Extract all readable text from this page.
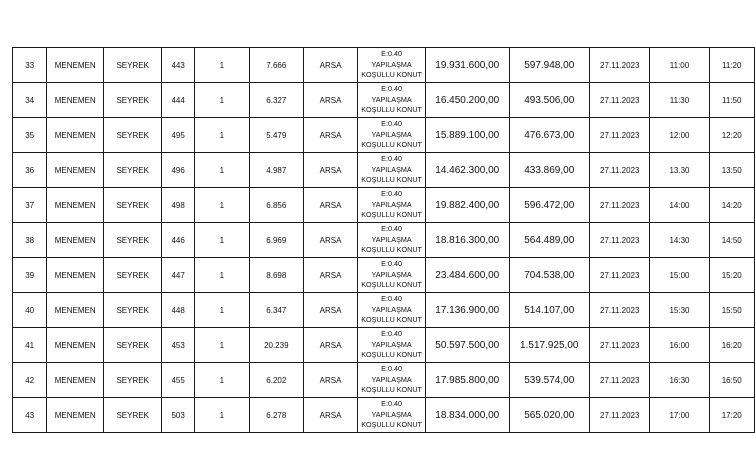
33	MENEMEN	SEYREK	443	1	7.666	ARSA	E:0.40
YAPILAŞMA
KOŞULLU KONUT	19.931.600,00	597.948,00	27.11.2023	11:00	11:20
34	MENEMEN	SEYREK	444	1	6.327	ARSA	E:0.40
YAPILAŞMA
KOŞULLU KONUT	16.450.200,00	493.506,00	27.11.2023	11:30	11:50
35	MENEMEN	SEYREK	495	1	5.479	ARSA	E:0.40
YAPILAŞMA
KOŞULLU KONUT	15.889.100,00	476.673,00	27.11.2023	12:00	12:20
36	MENEMEN	SEYREK	496	1	4.987	ARSA	E:0.40
YAPILAŞMA
KOŞULLU KONUT	14.462.300,00	433.869,00	27.11.2023	13.30	13:50
37	MENEMEN	SEYREK	498	1	6.856	ARSA	E:0.40
YAPILAŞMA
KOŞULLU KONUT	19.882.400,00	596.472,00	27.11.2023	14:00	14:20
38	MENEMEN	SEYREK	446	1	6.969	ARSA	E:0.40
YAPILAŞMA
KOŞULLU KONUT	18.816.300,00	564.489,00	27.11.2023	14:30	14:50
39	MENEMEN	SEYREK	447	1	8.698	ARSA	E:0.40
YAPILAŞMA
KOŞULLU KONUT	23.484.600,00	704.538,00	27.11.2023	15:00	15:20
40	MENEMEN	SEYREK	448	1	6.347	ARSA	E:0.40
YAPILAŞMA
KOŞULLU KONUT	17.136.900,00	514.107,00	27.11.2023	15:30	15:50
41	MENEMEN	SEYREK	453	1	20.239	ARSA	E:0.40
YAPILAŞMA
KOŞULLU KONUT	50.597.500,00	1.517.925,00	27.11.2023	16:00	16:20
42	MENEMEN	SEYREK	455	1	6.202	ARSA	E:0.40
YAPILAŞMA
KOŞULLU KONUT	17.985.800,00	539.574,00	27.11.2023	16:30	16:50
43	MENEMEN	SEYREK	503	1	6.278	ARSA	E:0.40
YAPILAŞMA
KOŞULLU KONUT	18.834.000,00	565.020,00	27.11.2023	17:00	17:20
